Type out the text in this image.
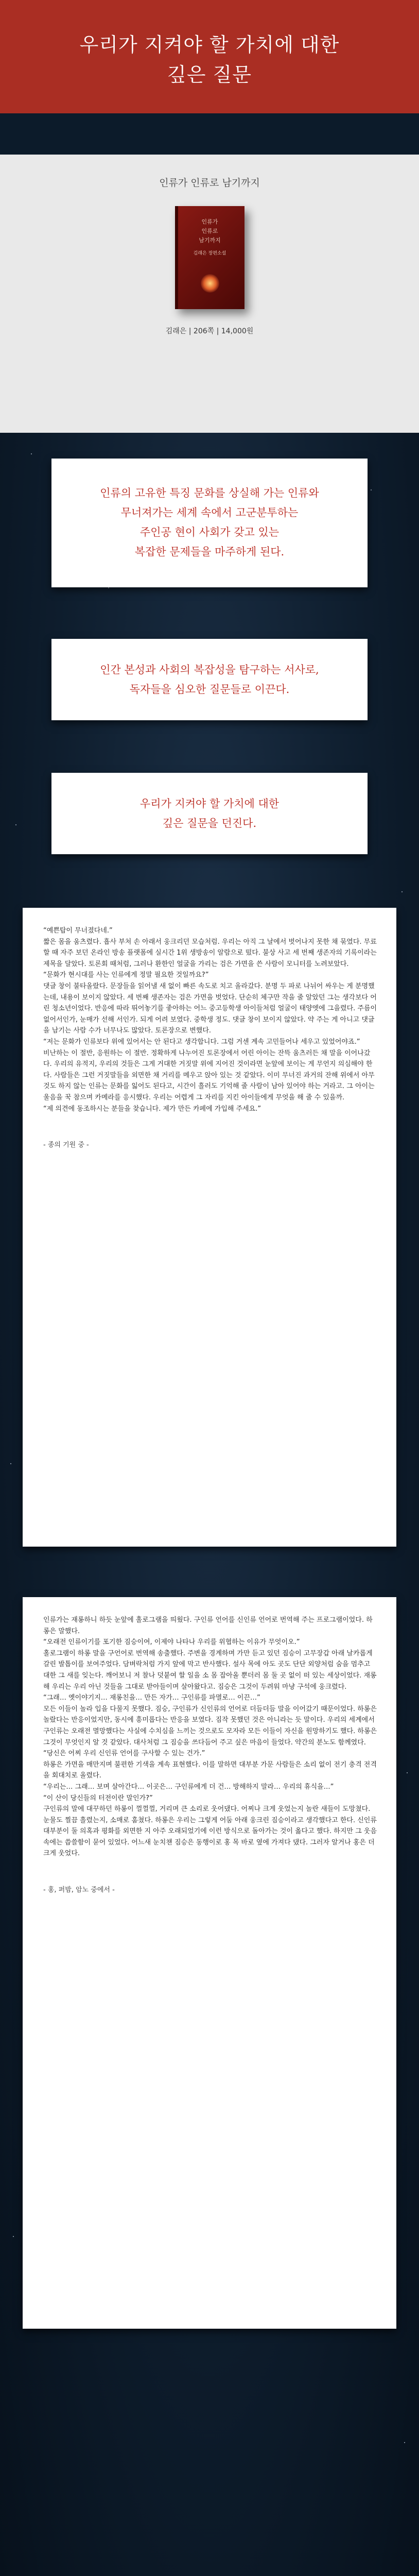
우리가 지켜야 할 가치에 대한
깊은 질문
인류가 인류로 남기까지
인류가
인류로
남기까지
김래은 장편소설
김래은 | 206쪽 | 14,000원
인류의 고유한 특징 문화를 상실해 가는 인류와
무너져가는 세계 속에서 고군분투하는
주인공 현이 사회가 갖고 있는
복잡한 문제들을 마주하게 된다.
인간 본성과 사회의 복잡성을 탐구하는 서사로,
독자들을 심오한 질문들로 이끈다.
우리가 지켜야 할 가치에 대한
깊은 질문을 던진다.

“예쁜탑이 무너졌다네.”

짧은 몸을 움츠렸다. 흡사 부처 손 아래서 웅크리던 모습처럼. 우리는 아직 그 날에서 벗어나지 못한 채 묶였다. 무료할 때 자주 보던 온라인 방송 플랫폼에 실시간 1위 생방송이 알람으로 떴다. 불상 사고 세 번째 생존자의 기록이라는 제목을 달았다. 토론회 때처럼, 그러나 환한인 얼굴을 가리는 검은 가면을 쓴 사람이 모니터를 노려보았다.

“문화가 현시대를 사는 인류에게 정말 필요한 것일까요?”

댓글 창이 불타올랐다. 문장들을 읽어낼 새 없이 빠른 속도로 치고 올라갔다. 분명 두 파로 나뉘어 싸우는 게 분명했는데, 내용이 보이지 않았다. 세 번째 생존자는 검은 가면을 벗었다. 단순히 체구만 작을 줄 알았던 그는 생각보다 어린 청소년이었다. 반응에 따라 뛰어놓기를 좋아하는 어느 중고등학생 아이들처럼 얼굴이 태양엣에 그을렸다. 주름이 없어서인가, 눈매가 선해 서인가. 되게 어려 보였다. 중학생 정도. 댓글 창이 보이지 않았다. 약 주는 게 아니고 댓글을 남기는 사람 수가 너무나도 많았다. 토론장으로 변했다.

“저는 문화가 인류보다 위에 있어서는 안 된다고 생각합니다. 그럼 거센 계속 고민들어나 세우고 있었어야죠.”

비난하는 이 절반, 응원하는 이 절반. 정확하게 나누어진 토론장에서 어린 아이는 잔뜩 움츠러든 채 말을 이어나갔다. 우리의 유적지, 우리의 것들은 그게 거대한 거짓말 위에 지어진 것이라면 눈앞에 보이는 게 무언지 의심해야 한다. 사람들은 그런 거짓말들을 외면한 채 거리를 메우고 앉아 있는 것 같았다. 이미 무너진 과거의 잔해 위에서 아무것도 하지 않는 인류는 문화를 잃어도 된다고, 시간이 흘러도 기억해 줄 사람이 남아 있어야 하는 거라고. 그 아이는 울음을 꾹 참으며 카메라를 응시했다. 우리는 어렵게 그 자리를 지킨 아이들에게 무엇을 해 줄 수 있을까.

“제 의견에 동조하시는 분들을 찾습니다. 제가 만든 카페에 가입해 주세요.”

- 종의 기원 중 -

인류가는 재롱하니 하듯 눈앞에 홀로그램을 띄웠다. 구인류 언어를 신인류 언어로 번역해 주는 프로그램이었다. 하롱은 말했다.

“오래전 인류이기를 포기한 짐승이여, 이제야 나타나 우리를 위협하는 이유가 무엇이오.”

홀로그램이 하롱 말을 구언어로 번역해 송출했다. 주변을 경계하며 가만 듣고 있던 짐승이 고무장갑 아래 날카롭게 갈린 발톱이를 보여주었다. 담벼락처럼 가지 앞에 막고 반사했다. 설사 목에 아도 곳도 단단 외양처럼 숨을 멈추고 대한 그 새를 잊는다. 깨어보니 저 찰나 덧붙여 할 일을 소 몸 잡아올 뿐더러 몸 둘 곳 없이 떠 있는 세상이었다. 재롱해 우리는 우리 아닌 것들을 그대로 받아들이며 살아왔다고. 짐승은 그것이 두려워 마냥 구석에 웅크렸다.

“그래… 옛이야기지… 재롱친을… 만든 자가… 구인류를 파멸로… 이끈…”

모든 이들이 놀라 입을 다물지 못했다. 짐승, 구인류가 신인류의 언어로 더듬더듬 말을 이어갔기 때문이었다. 하롱은 놀랐다는 반응이었지만, 동시에 흥미롭다는 반응을 보였다. 짐작 못했던 것은 아니라는 듯 말이다. 우리의 세계에서 구인류는 오래전 멸망했다는 사실에 수치심을 느끼는 것으로도 모자라 모든 이들이 자신을 원망하기도 했다. 하롱은 그것이 무엇인지 알 것 같았다. 대사처럼 그 짐승을 쓰다듬어 주고 싶은 마음이 들었다. 약간의 분노도 함께였다.

“당신은 어찌 우리 신인류 언어를 구사할 수 있는 건가.”

하롱은 가면을 매만지며 불편한 기색을 계속 표현했다. 이를 말하면 대부분 가문 사람들은 소리 없이 전기 충격 전격을 회대치로 올렸다.

“우리는… 그래… 보며 살아간다… 이곳은… 구인류에게 더 건… 방해하지 말라… 우리의 휴식을…”

“이 산이 당신들의 터전이란 말인가?”

구인류의 말에 대꾸하던 하롱이 껄껄껄, 거리며 큰 소리로 웃어댔다. 어찌나 크게 웃었는지 놀란 새들이 도망쳤다. 눈물도 찔끔 흘렸는지, 소매로 훔쳤다. 하롱은 우리는 그렇게 어둠 아래 웅크린 짐승이라고 생각했다고 한다. 신인류 대부분이 둘 의혹과 평화를 외면한 지 아주 오래되었기에 이런 방식으로 돌아가는 것이 옳다고 했다. 하지만 그 웃음 속에는 씁쓸함이 묻어 있었다. 어느새 눈치챈 짐승은 동행이로 홍 목 바로 옆에 가져다 댔다. 그러자 알거나 홍은 더 크게 웃었다.

- 홍, 퍼밤, 암노 중에서 -
